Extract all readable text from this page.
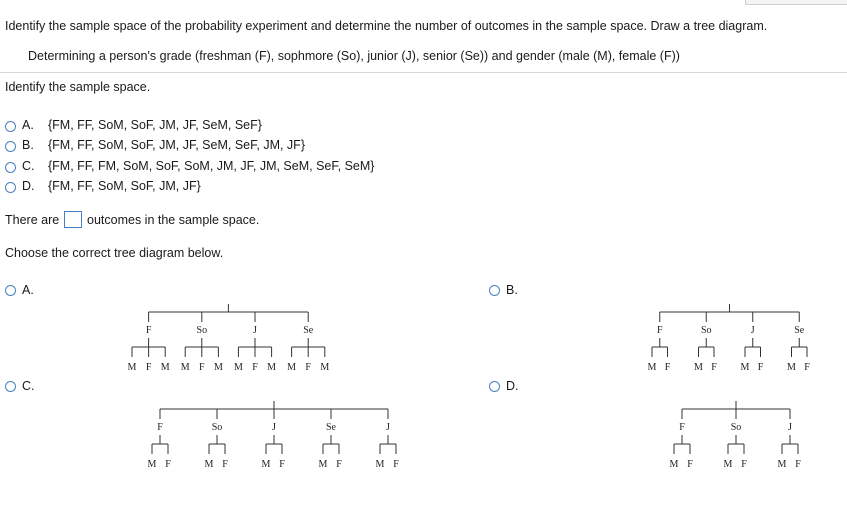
Identify the sample space of the probability experiment and determine the number of outcomes in the sample space. Draw a tree diagram.
Determining a person's grade (freshman (F), sophmore (So), junior (J), senior (Se)) and gender (male (M), female (F))
Identify the sample space.
A. {FM, FF, SoM, SoF, JM, JF, SeM, SeF}
B. {FM, FF, SoM, SoF, JM, JF, SeM, SeF, JM, JF}
C. {FM, FF, FM, SoM, SoF, SoM, JM, JF, JM, SeM, SeF, SeM}
D. {FM, FF, SoM, SoF, JM, JF}
There are outcomes in the sample space.
Choose the correct tree diagram below.
A.	B.
C.	D.
F
M F M
So
M F M
J
M F M
Se
M F M
F
M F
So
M F
J
M F
Se
M F
F
M F
So
M F
J
M F
Se
M F
J
M F
F
M F
So
M F
J
M F
